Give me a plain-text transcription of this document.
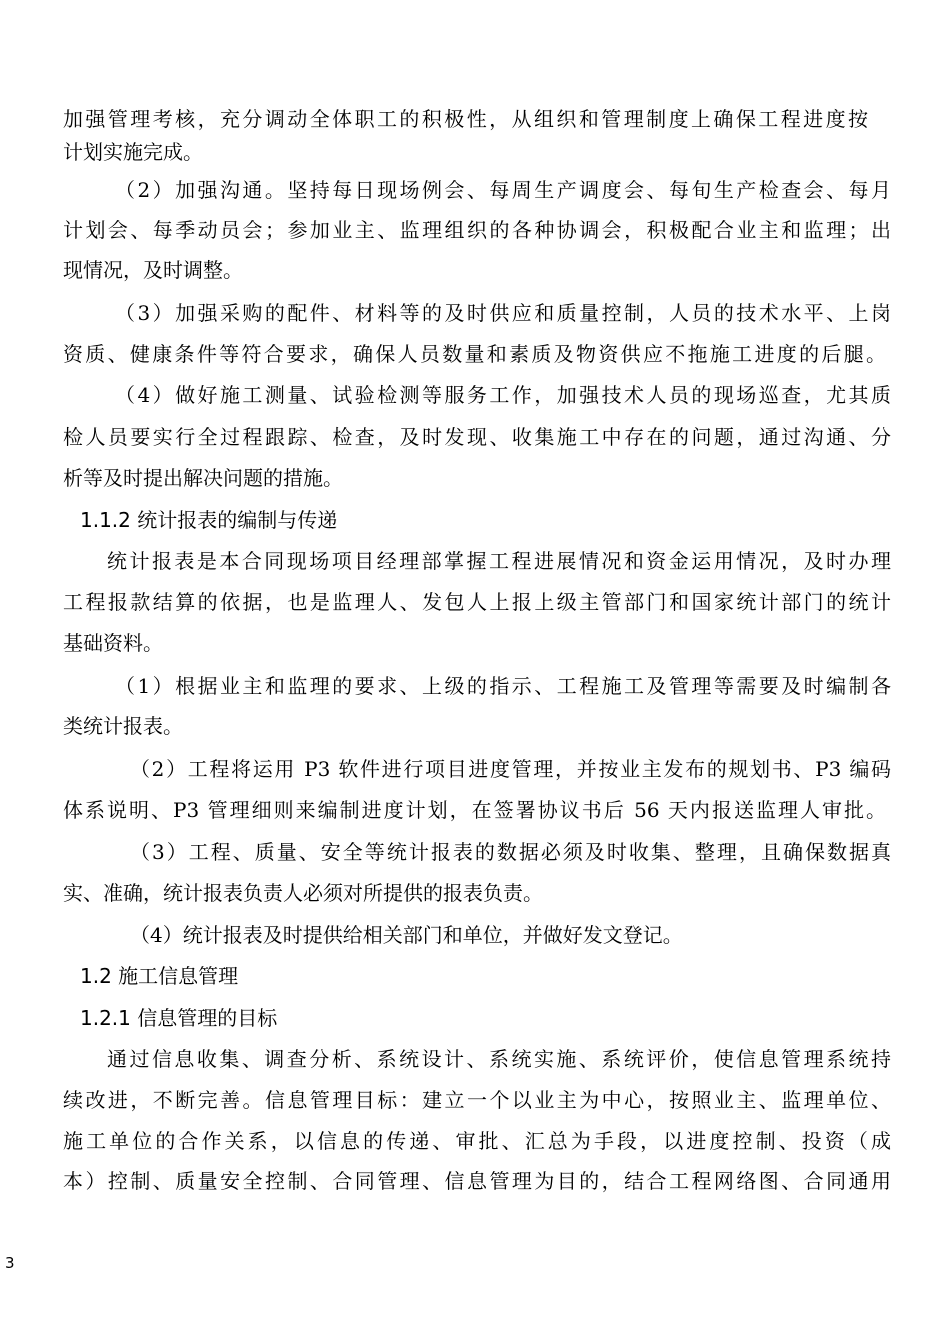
加强管理考核，充分调动全体职工的积极性，从组织和管理制度上确保工程进度按
计划实施完成。
（2）加强沟通。坚持每日现场例会、每周生产调度会、每旬生产检查会、每月
计划会、每季动员会；参加业主、监理组织的各种协调会，积极配合业主和监理；出
现情况，及时调整。
（3）加强采购的配件、材料等的及时供应和质量控制，人员的技术水平、上岗
资质、健康条件等符合要求，确保人员数量和素质及物资供应不拖施工进度的后腿。
（4）做好施工测量、试验检测等服务工作，加强技术人员的现场巡查，尤其质
检人员要实行全过程跟踪、检查，及时发现、收集施工中存在的问题，通过沟通、分
析等及时提出解决问题的措施。
1.1.2 统计报表的编制与传递
统计报表是本合同现场项目经理部掌握工程进展情况和资金运用情况，及时办理
工程报款结算的依据，也是监理人、发包人上报上级主管部门和国家统计部门的统计
基础资料。
（1）根据业主和监理的要求、上级的指示、工程施工及管理等需要及时编制各
类统计报表。
（2）工程将运用 P3 软件进行项目进度管理，并按业主发布的规划书、P3 编码
体系说明、P3 管理细则来编制进度计划，在签署协议书后 56 天内报送监理人审批。
（3）工程、质量、安全等统计报表的数据必须及时收集、整理，且确保数据真
实、准确，统计报表负责人必须对所提供的报表负责。
（4）统计报表及时提供给相关部门和单位，并做好发文登记。
1.2 施工信息管理
1.2.1 信息管理的目标
通过信息收集、调查分析、系统设计、系统实施、系统评价，使信息管理系统持
续改进，不断完善。信息管理目标：建立一个以业主为中心，按照业主、监理单位、
施工单位的合作关系，以信息的传递、审批、汇总为手段，以进度控制、投资（成
本）控制、质量安全控制、合同管理、信息管理为目的，结合工程网络图、合同通用
3
